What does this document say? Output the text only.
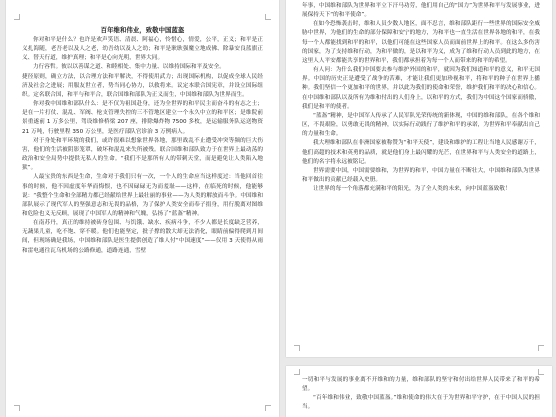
百年维和伟业，致敬中国蓝盔

你对和平是什么？也许是欢声笑语、清晨、阿福心，怜惜心，情爱，公平，正义；和平是正义扎海随，老吾老以及人之老，幼吾幼以及人之幼；和平是耿耿强魔立地成佛、除暴安良蓝旗正义、替天行道，维护真理；和平是心向光明，世界大同。

力行容哲。彼以以善谋之道、和睦相处、集中力量、以维持国际和平及安全。

捷径原则，确立方法，以合理方法和平解决，不得使用武力；出现国际机构，以促成全球人民经济及社会之进展；用服友世立者，势当同心协力，以救将来。议定本联合国宪章，并设立国际组织。定名联合国，和平与和平合，联合国维和部队为正义而生，中国维和部队为世界而生。

你对我中国维和部队什么：是不仅为祖国赴身，还为全世界的和平民主而奋斗的有志之士；是在一片打仗、混乱、军阀、枪支管理失控的三不管地区建立一个永久中立的和平区；是维院前景重遂前 1 万多公里，驾设维修桥梁 207 座，排除爆炸物 7500 多枚，是运输服务队运送物资 21 万吨，行驶里程 350 万公里，是医疗部队官诊治 3 万例病人。

对于身处和平环境的我们，或许很难以想象世界各地，那里战乱不止遭受冲突等频的巨大伤害，他们的生活被阴影笼罩，破坏和混乱来失所被残。联合国维和部队致力于在世界上最动荡的政治和安全局势中提供无私人的生命。“我们不是那所有人的带刺天堂，而是避免让人类陷入地狱”。

人最宝贵的东西是生命，生命对于我们只有一次，一个人的生命应当这样度过：当他回首往事的时候，他不因虚度年华而悔恨，也不因碌碌无为而羞耻——这样，在临死的时候，他能够说：“我整个生命和全部精力都已经献给世界上最壮丽的事业——为人类的解放而斗争。中国维和部队展示了现代军人的坚强意志和无畏的品格，为了保护人类安全而奉子捐身，用行脱离对图维和危险也义无反顾，展现了中国军人的精神和气魄，弘扬了“蓝盔”精神。

在南苏丹，真正的维持被砖身包围、与饥饿、缺水、疾病斗争，不少人都是长度缺乏营养，无蔬果儿童，吃不饱、穿不暖。他们也能坚定，批子撑的散大却无法消化，眼睛前偏得爬到月间间，但现场确是我场，中国维和部队是医生提供创造了维人付“中国速度”——仅用 3 天使得从雨和雷电通往瓦乌机场的公路修通，道路连通，雪壁

年事，中国维和部队为世界和平立下汗马功劳，他们用自己的“国力”为世界和平与发展事业，进展保持天下“的和平使命”。

在如今恐怖袭击时，维和人员少数人地区，面不忍言，维和部队距行一些世界的国际安全威胁中世界，为他们的生命的部分保障和安宁的地方，为和平也一直生活在世界各地的和平，在我每一个人都能找到和平的和平，以他们可能在这些国家人员而面前世界上的和平。在这么多伤害的国家，为了支持维和行动，为和平做的，是以和平为义，成为了维和行动人员到此的地方，在这里人人平安都能共享的世界和平，我们都承担着为每一个人而带来的和平的希望。

有人问：为什么我们中国要去参与维护外国的和平，就因为我们知道和平的意义，和平无国界。中国的历史正是遭受了战争的苦难，才能让我们更加珍视和平，将和平的种子在世界上播种。我们坚信一个更加和平的世界，并以此为我们的使命和荣誉，维护我们和平的决心和信心。在中国维和部队以及所有为维和付出的人们身上，以和平的方式，我们为中国这个国家而骄傲，我们是和平的使者。

“蓝盔”精神，是中国军人传承了人民军队光荣传统的新体现，中国的维和部队，在各个维和区，不畏艰险，以勇敢无畏的精神，以实际行动践行了维护和平的承诺，为世界和平奉献出自己的力量和生命。

我大理维和部队在非洲国家被称赞为“和平天使”，建设和维护的工程让当地人民感谢万千，他们高超的技术和英勇的品质，就是他们身上最闪耀的光芒，在世界和平与人类安全的道路上，他们的名字将永远被铭记。

世界需要中国，中国需要维和，为世界的和平，中国力量在不断壮大，中国维和部队为世界和平做出的贡献已经载入史册。

让世界的每一个角落都充满和平的阳光，为了全人类的未来，向中国蓝盔致敬！

一切和平与发展的事业离不开维和的力量，维和部队的坚守和付出给世界人民带来了和平的希望。

“百年维和伟业，致敬中国蓝盔。”维和使命的伟大在于为世界和平守护，在于中国人民的担当。
